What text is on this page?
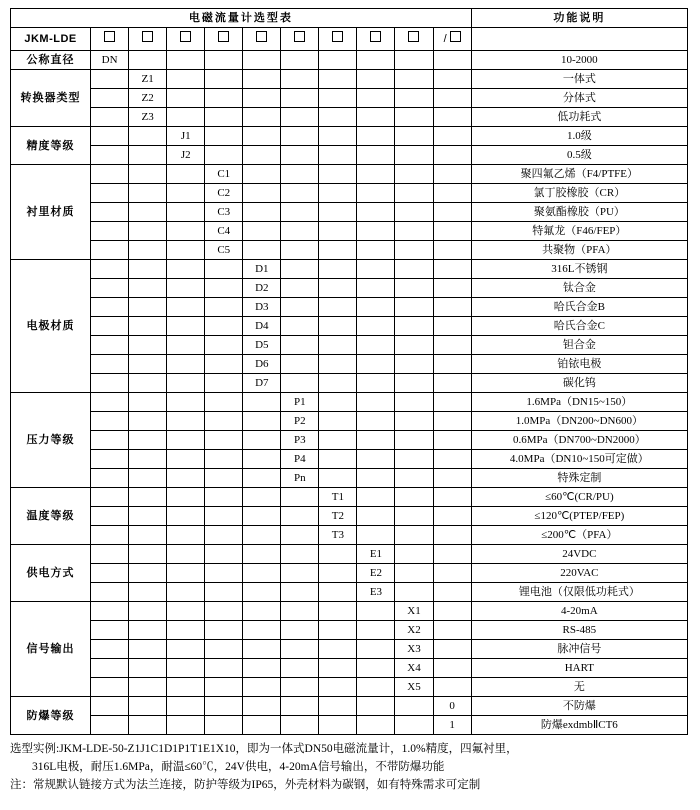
电磁流量计选型表											功能说明
JKM-LDE										/	
公称直径	DN										10-2000
转换器类型		Z1									一体式
		Z2									分体式
		Z3									低功耗式
精度等级			J1								1.0级
			J2								0.5级
衬里材质				C1							聚四氟乙烯（F4/PTFE）
				C2							氯丁胶橡胶（CR）
				C3							聚氨酯橡胶（PU）
				C4							特氟龙（F46/FEP）
				C5							共聚物（PFA）
电极材质					D1						316L不锈钢
					D2						钛合金
					D3						哈氏合金B
					D4						哈氏合金C
					D5						钽合金
					D6						铂铱电极
					D7						碳化钨
压力等级						P1					1.6MPa（DN15~150）
						P2					1.0MPa（DN200~DN600）
						P3					0.6MPa（DN700~DN2000）
						P4					4.0MPa（DN10~150可定做）
						Pn					特殊定制
温度等级							T1				≤60℃(CR/PU)
							T2				≤120℃(PTEP/FEP)
							T3				≤200℃（PFA）
供电方式								E1			24VDC
								E2			220VAC
								E3			锂电池（仅限低功耗式）
信号输出									X1		4-20mA
									X2		RS-485
									X3		脉冲信号
									X4		HART
									X5		无
防爆等级										0	不防爆
										1	防爆exdmbⅡCT6
选型实例:JKM-LDE-50-Z1J1C1D1P1T1E1X10，即为一体式DN50电磁流量计，1.0%精度，四氟衬里，
316L电极，耐压1.6MPa，耐温≤60℃，24V供电，4-20mA信号输出，不带防爆功能
注：常规默认链接方式为法兰连接，防护等级为IP65，外壳材料为碳钢，如有特殊需求可定制
